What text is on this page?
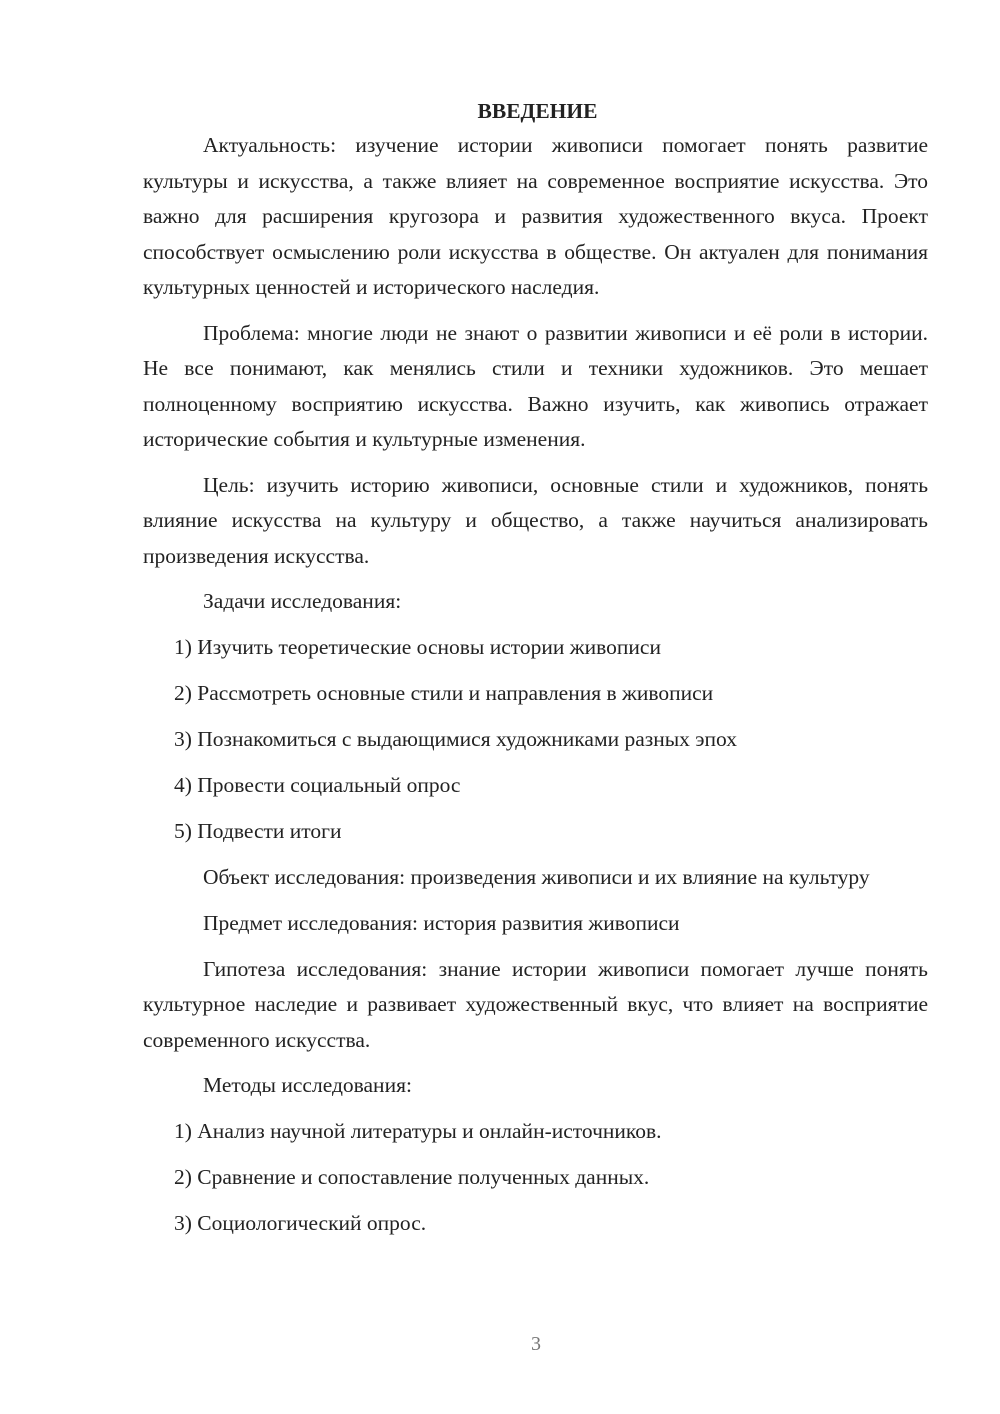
ВВЕДЕНИЕ

Актуальность: изучение истории живописи помогает понять развитие культуры и искусства, а также влияет на современное восприятие искусства. Это важно для расширения кругозора и развития художественного вкуса. Проект способствует осмыслению роли искусства в обществе. Он актуален для понимания культурных ценностей и исторического наследия.

Проблема: многие люди не знают о развитии живописи и её роли в истории. Не все понимают, как менялись стили и техники художников. Это мешает полноценному восприятию искусства. Важно изучить, как живопись отражает исторические события и культурные изменения.

Цель: изучить историю живописи, основные стили и художников, понять влияние искусства на культуру и общество, а также научиться анализировать произведения искусства.

Задачи исследования:

1) Изучить теоретические основы истории живописи
2) Рассмотреть основные стили и направления в живописи
3) Познакомиться с выдающимися художниками разных эпох
4) Провести социальный опрос
5) Подвести итоги

Объект исследования: произведения живописи и их влияние на культуру

Предмет исследования: история развития живописи

Гипотеза исследования: знание истории живописи помогает лучше понять культурное наследие и развивает художественный вкус, что влияет на восприятие современного искусства.

Методы исследования:

1) Анализ научной литературы и онлайн-источников.
2) Сравнение и сопоставление полученных данных.
3) Социологический опрос.
3
